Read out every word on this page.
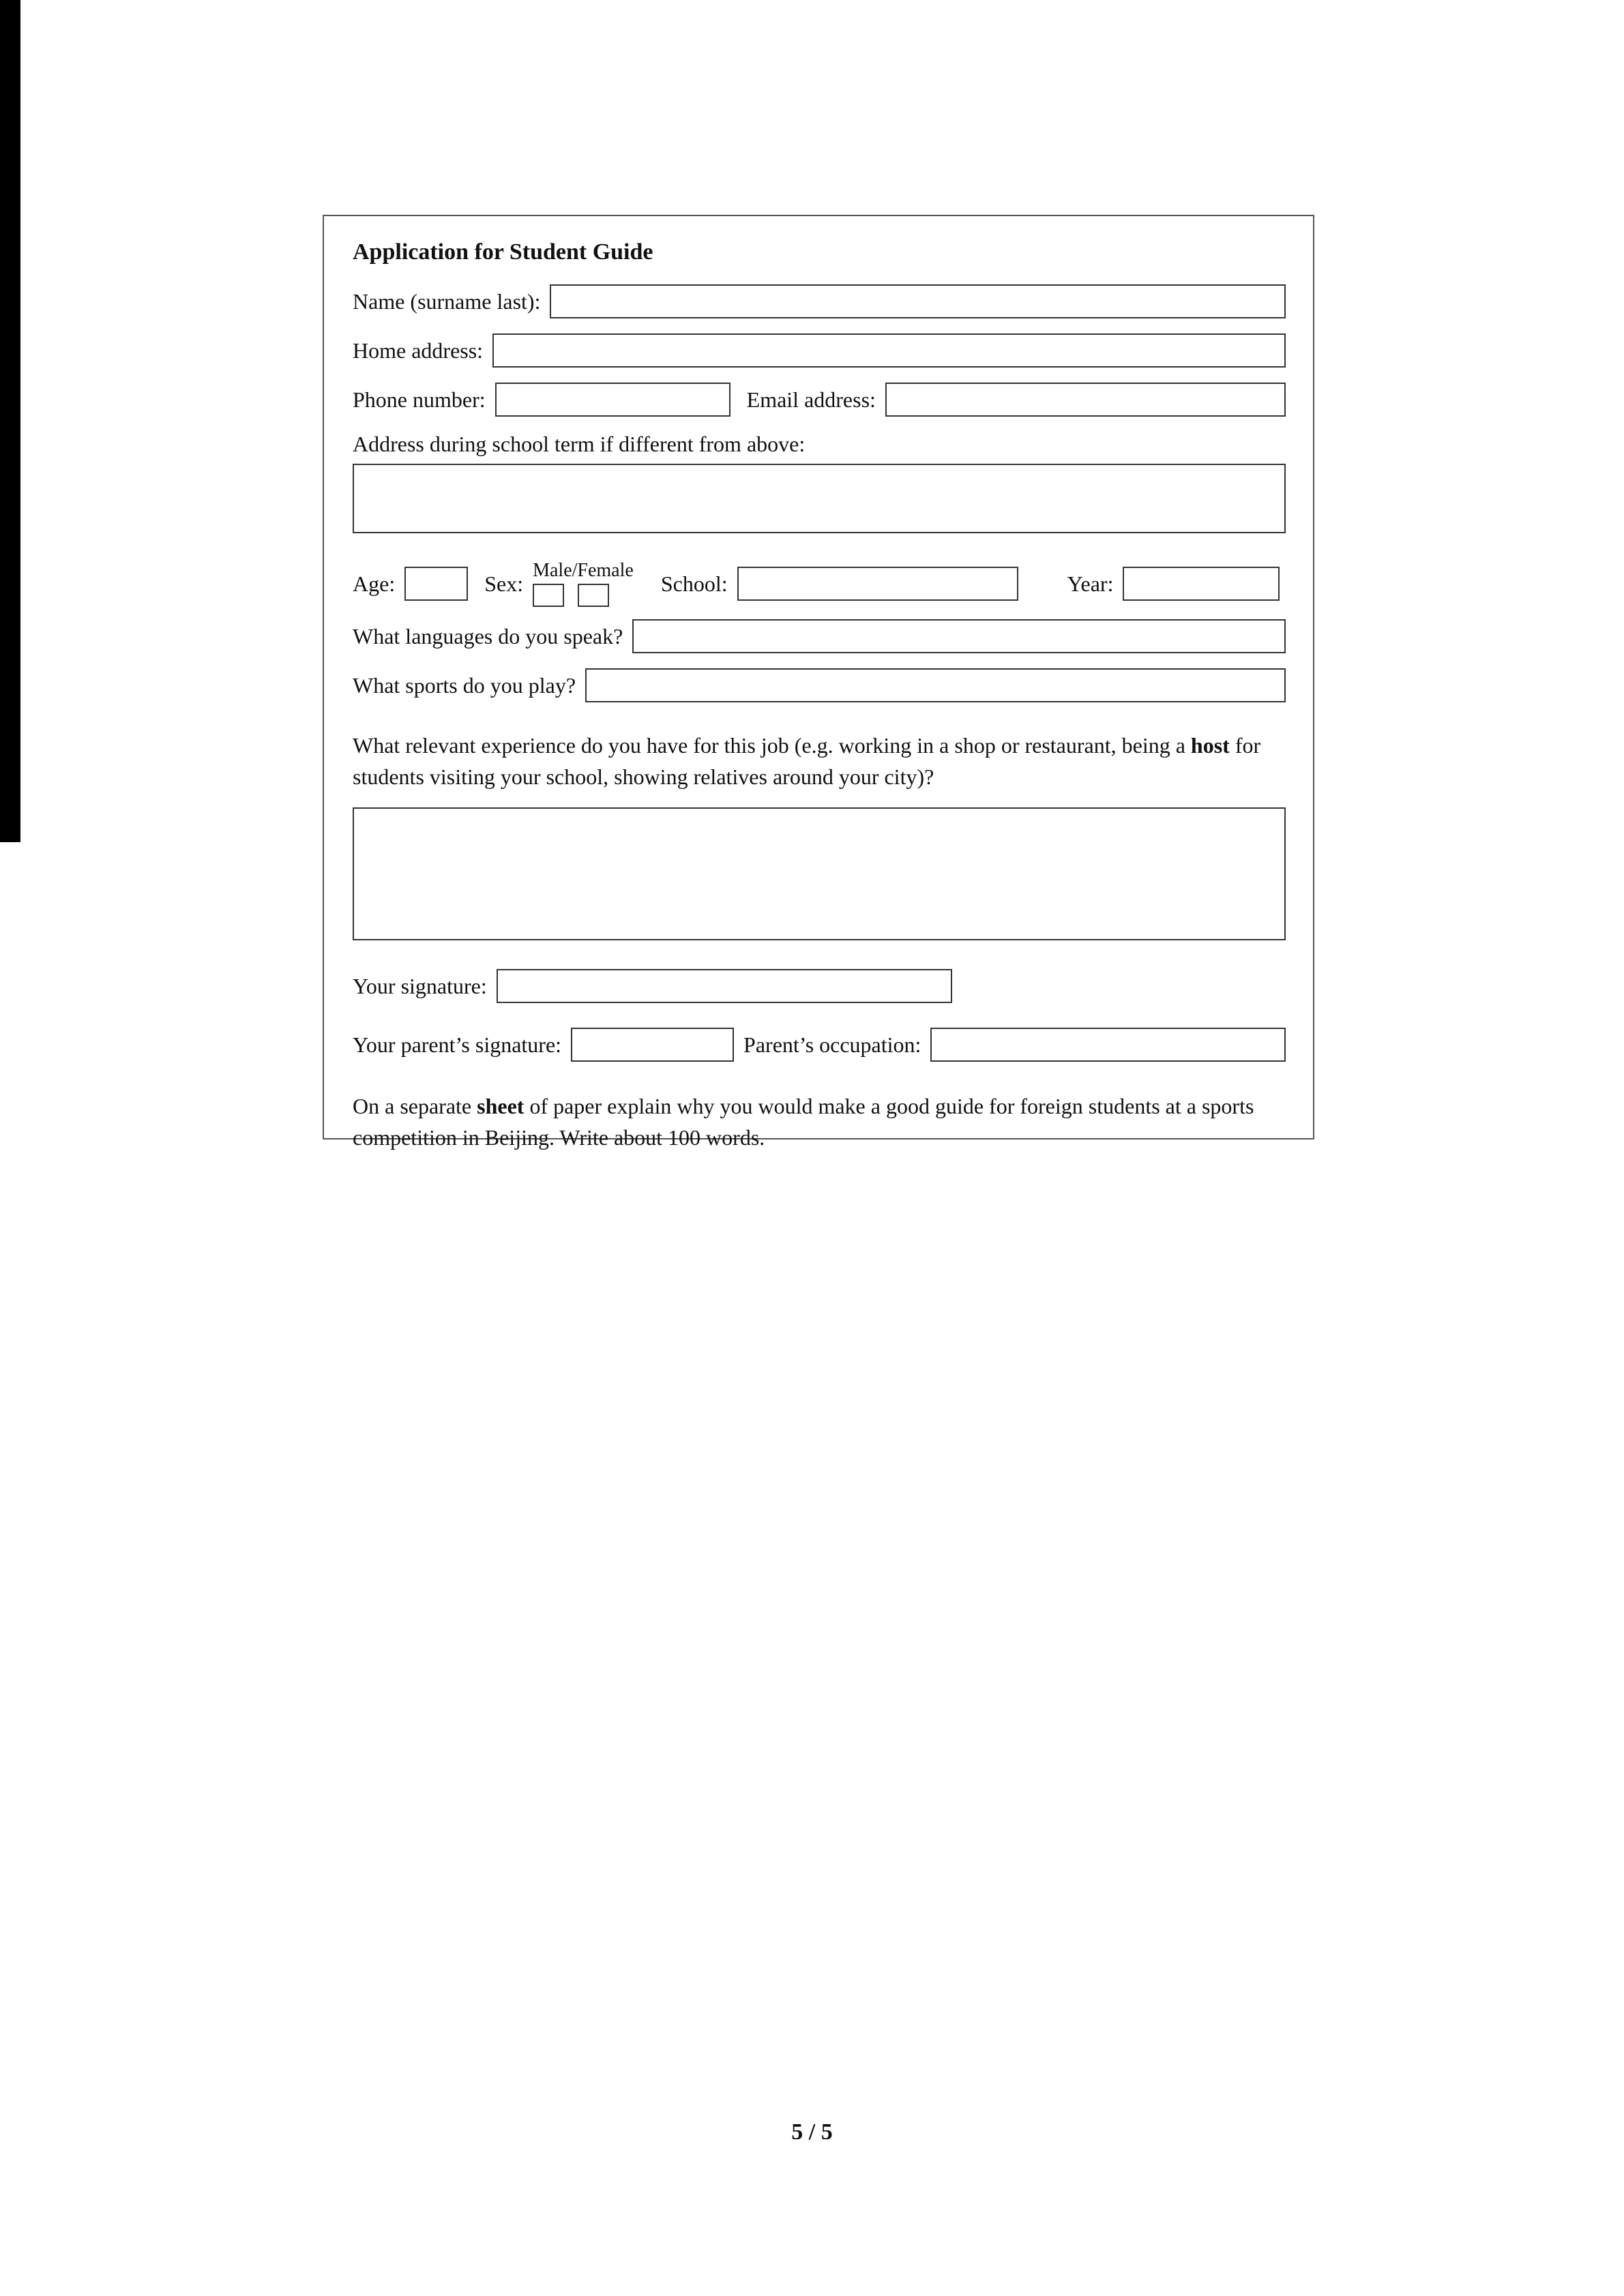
Application for Student Guide
Name (surname last):
Home address:
Phone number:	Email address:
Address during school term if different from above:
Age:	Sex:
Male/Female
School:	Year:
What languages do you speak?
What sports do you play?
What relevant experience do you have for this job (e.g. working in a shop or restaurant, being a host for students visiting your school, showing relatives around your city)?
Your signature:
Your parent’s signature:	Parent’s occupation:
On a separate sheet of paper explain why you would make a good guide for foreign students at a sports competition in Beijing. Write about 100 words.
5 / 5
